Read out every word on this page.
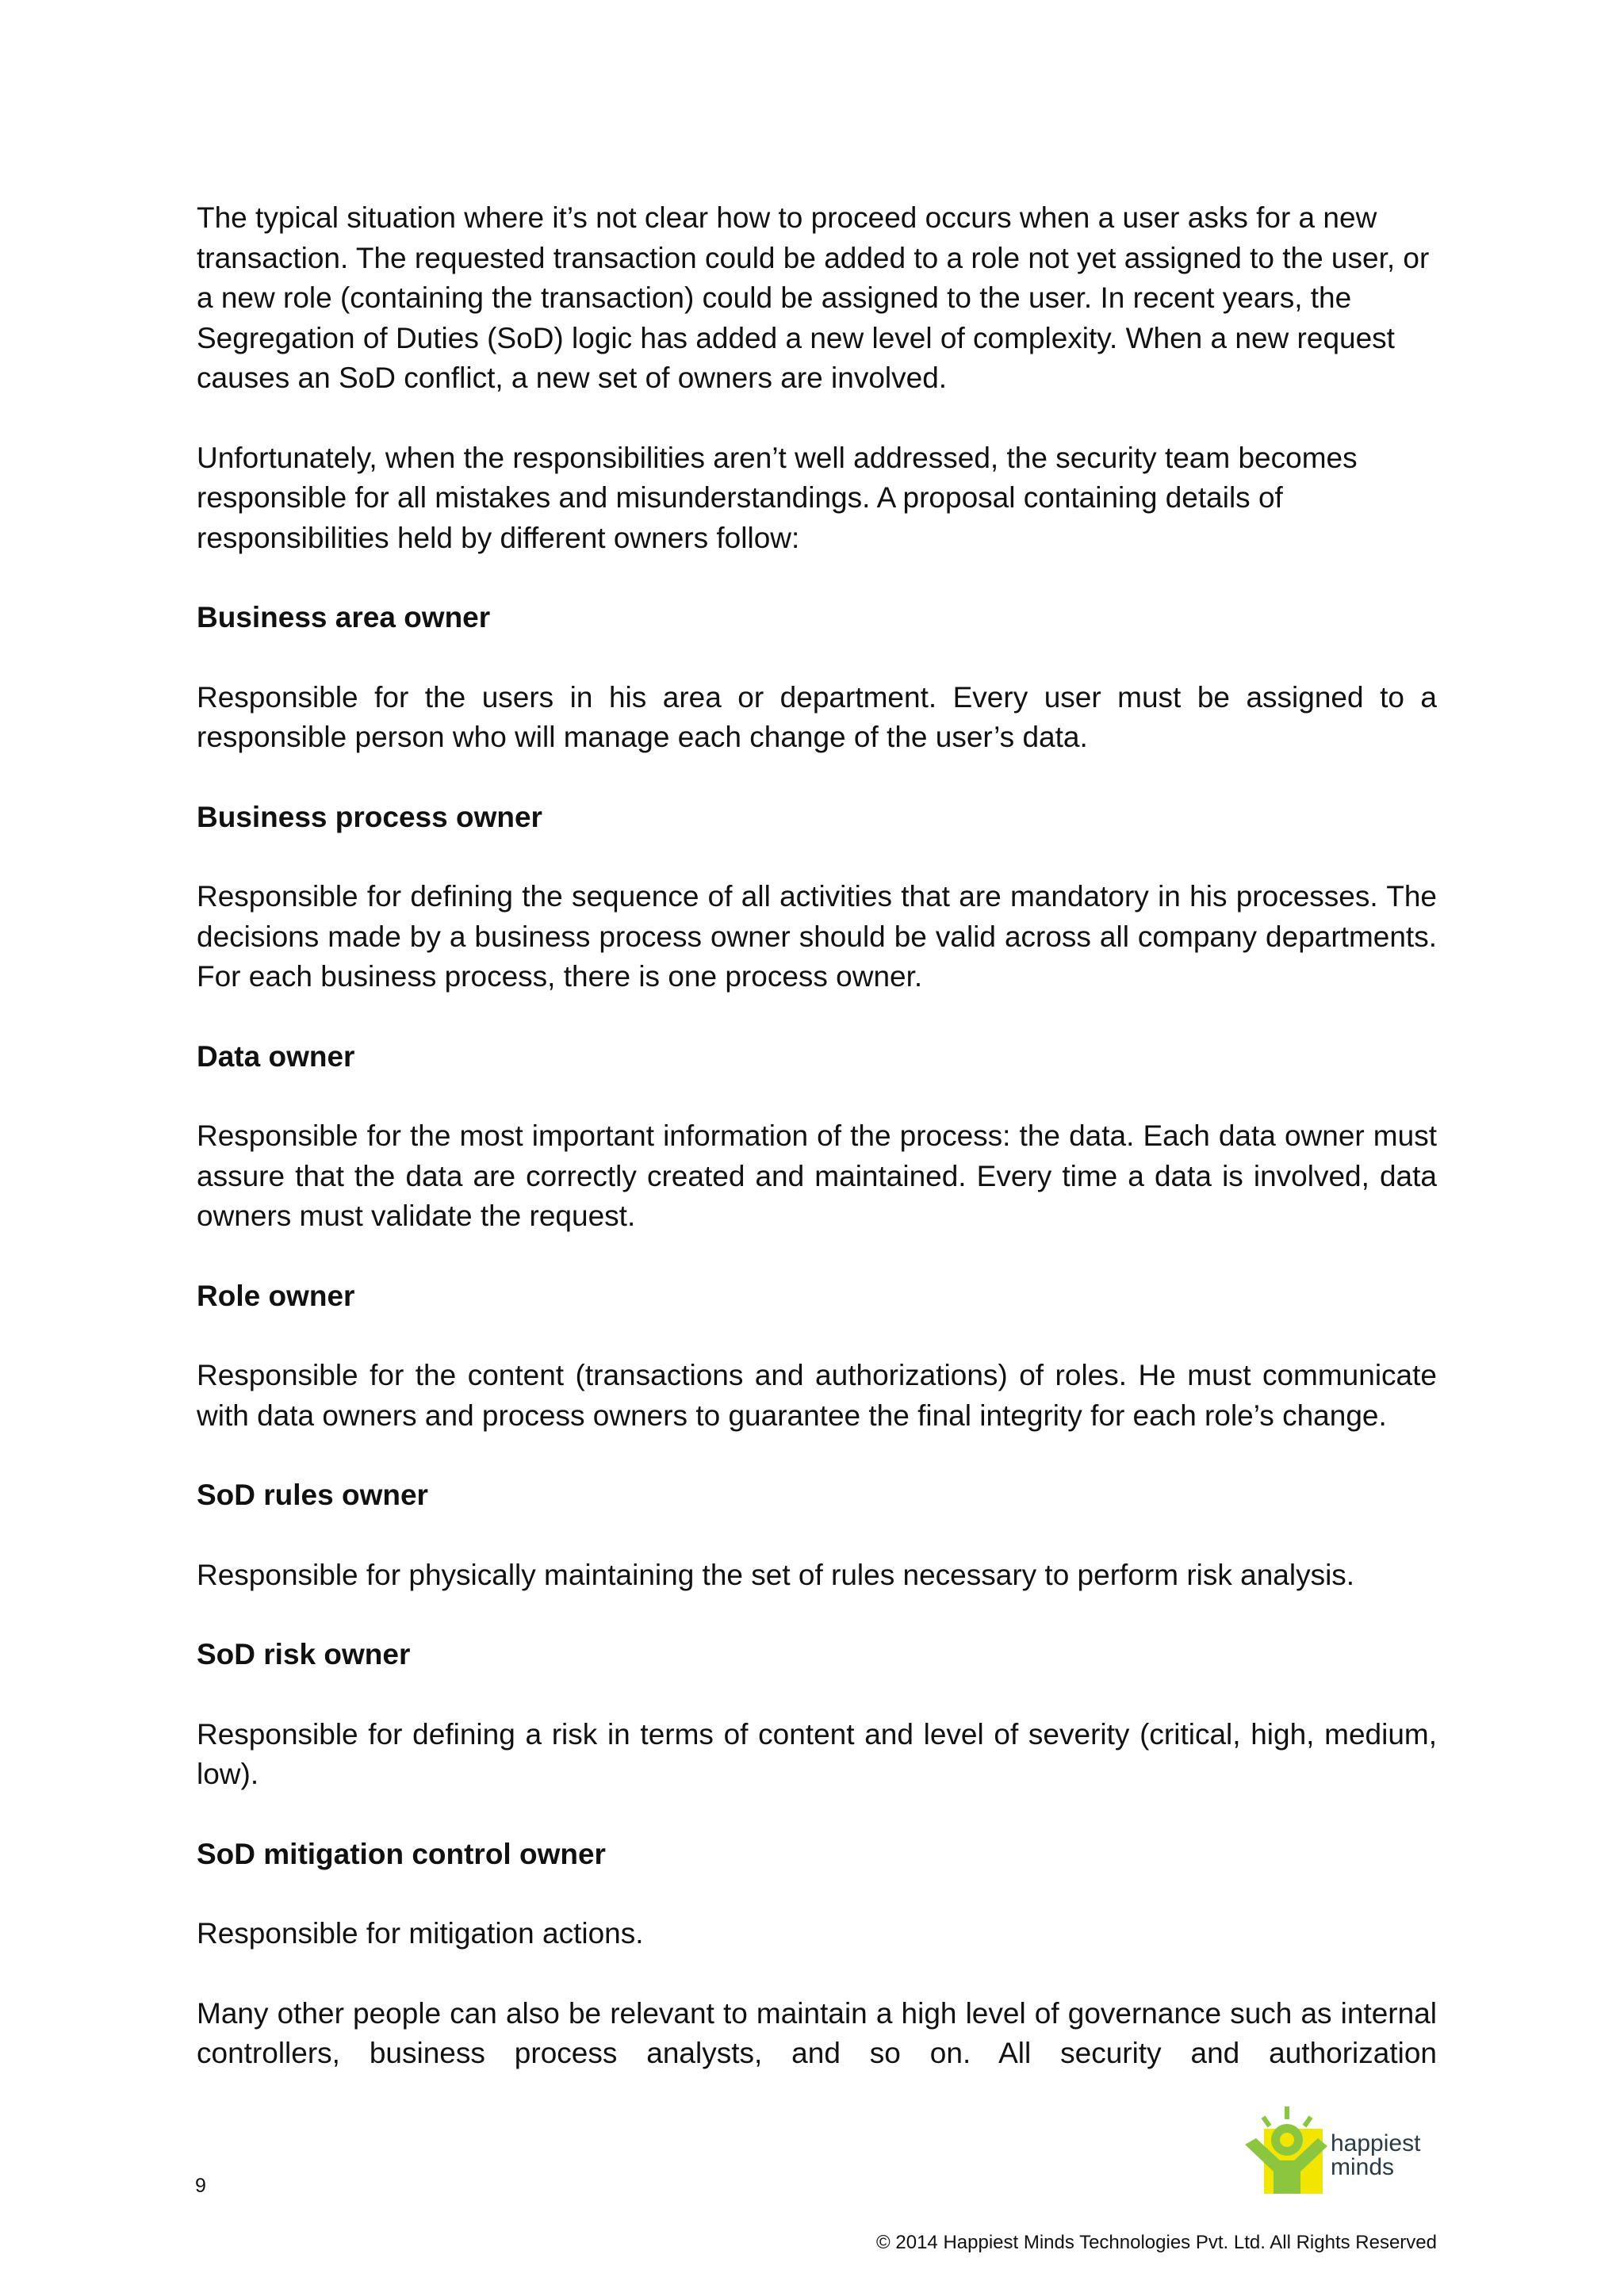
The typical situation where it’s not clear how to proceed occurs when a user asks for a new transaction. The requested transaction could be added to a role not yet assigned to the user, or a new role (containing the transaction) could be assigned to the user. In recent years, the Segregation of Duties (SoD) logic has added a new level of complexity. When a new request causes an SoD conflict, a new set of owners are involved.

Unfortunately, when the responsibilities aren’t well addressed, the security team becomes responsible for all mistakes and misunderstandings. A proposal containing details of responsibilities held by different owners follow:

Business area owner

Responsible for the users in his area or department. Every user must be assigned to a responsible person who will manage each change of the user’s data.

Business process owner

Responsible for defining the sequence of all activities that are mandatory in his processes. The decisions made by a business process owner should be valid across all company departments. For each business process, there is one process owner.

Data owner

Responsible for the most important information of the process: the data. Each data owner must assure that the data are correctly created and maintained. Every time a data is involved, data owners must validate the request.

Role owner

Responsible for the content (transactions and authorizations) of roles. He must communicate with data owners and process owners to guarantee the final integrity for each role’s change.

SoD rules owner

Responsible for physically maintaining the set of rules necessary to perform risk analysis.

SoD risk owner

Responsible for defining a risk in terms of content and level of severity (critical, high, medium, low).

SoD mitigation control owner

Responsible for mitigation actions.

Many other people can also be relevant to maintain a high level of governance such as internal controllers, business process analysts, and so on. All security and authorization

9
happiest
minds
© 2014 Happiest Minds Technologies Pvt. Ltd. All Rights Reserved
